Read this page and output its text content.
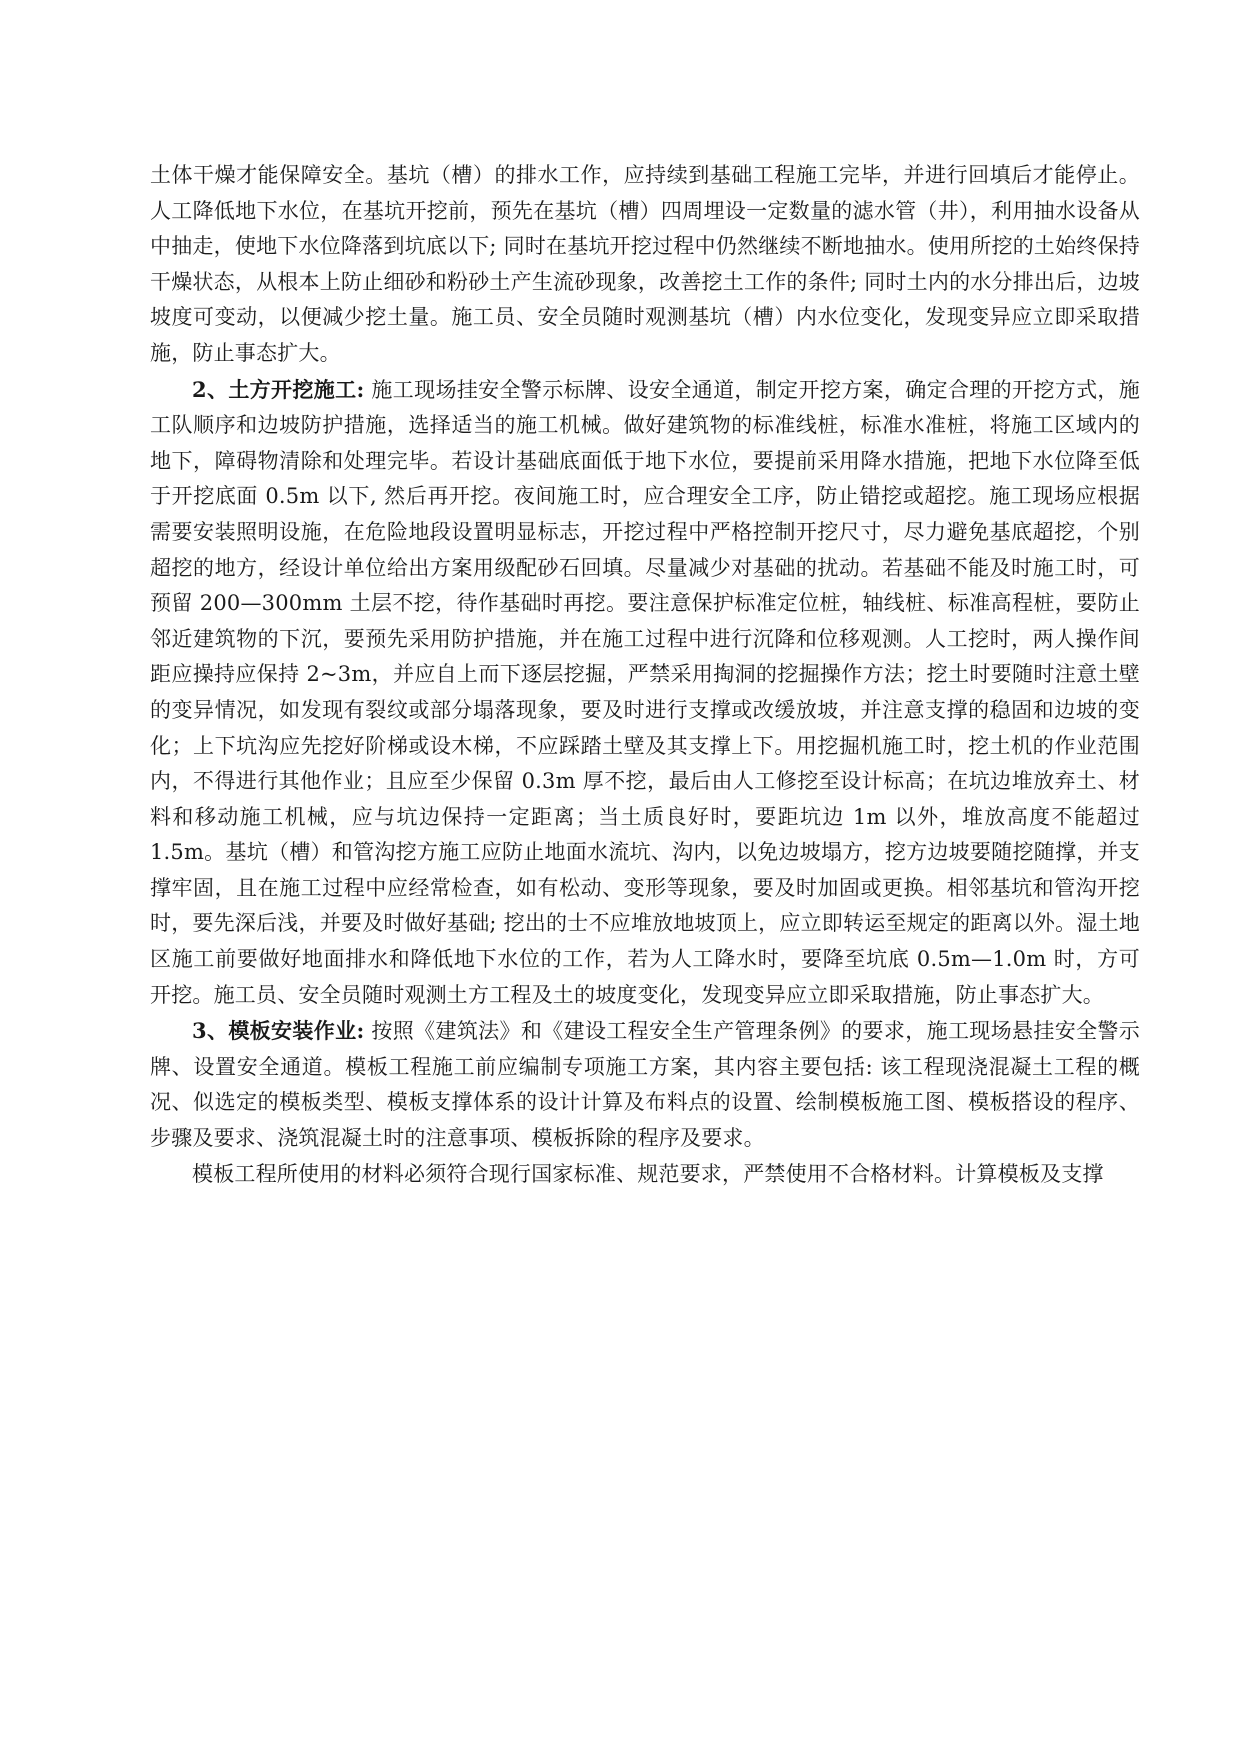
土体干燥才能保障安全。基坑（槽）的排水工作，应持续到基础工程施工完毕，并进行回填后才能停止。人工降低地下水位，在基坑开挖前，预先在基坑（槽）四周埋设一定数量的滤水管（井），利用抽水设备从中抽走，使地下水位降落到坑底以下; 同时在基坑开挖过程中仍然继续不断地抽水。使用所挖的土始终保持干燥状态，从根本上防止细砂和粉砂土产生流砂现象，改善挖土工作的条件; 同时土内的水分排出后，边坡坡度可变动，以便减少挖土量。施工员、安全员随时观测基坑（槽）内水位变化，发现变异应立即采取措施，防止事态扩大。

2、土方开挖施工: 施工现场挂安全警示标牌、设安全通道，制定开挖方案，确定合理的开挖方式，施工队顺序和边坡防护措施，选择适当的施工机械。做好建筑物的标准线桩，标准水准桩，将施工区域内的地下，障碍物清除和处理完毕。若设计基础底面低于地下水位，要提前采用降水措施，把地下水位降至低于开挖底面 0.5m 以下, 然后再开挖。夜间施工时，应合理安全工序，防止错挖或超挖。施工现场应根据需要安装照明设施，在危险地段设置明显标志，开挖过程中严格控制开挖尺寸，尽力避免基底超挖，个别超挖的地方，经设计单位给出方案用级配砂石回填。尽量减少对基础的扰动。若基础不能及时施工时，可预留 200—300mm 土层不挖，待作基础时再挖。要注意保护标准定位桩，轴线桩、标准高程桩，要防止邻近建筑物的下沉，要预先采用防护措施，并在施工过程中进行沉降和位移观测。人工挖时，两人操作间距应操持应保持 2~3m，并应自上而下逐层挖掘，严禁采用掏洞的挖掘操作方法；挖土时要随时注意土壁的变异情况，如发现有裂纹或部分塌落现象，要及时进行支撑或改缓放坡，并注意支撑的稳固和边坡的变化；上下坑沟应先挖好阶梯或设木梯，不应踩踏土壁及其支撑上下。用挖掘机施工时，挖土机的作业范围内，不得进行其他作业；且应至少保留 0.3m 厚不挖，最后由人工修挖至设计标高；在坑边堆放弃土、材料和移动施工机械，应与坑边保持一定距离；当土质良好时，要距坑边 1m 以外，堆放高度不能超过 1.5m。基坑（槽）和管沟挖方施工应防止地面水流坑、沟内，以免边坡塌方，挖方边坡要随挖随撑，并支撑牢固，且在施工过程中应经常检查，如有松动、变形等现象，要及时加固或更换。相邻基坑和管沟开挖时，要先深后浅，并要及时做好基础; 挖出的士不应堆放地坡顶上，应立即转运至规定的距离以外。湿土地区施工前要做好地面排水和降低地下水位的工作，若为人工降水时，要降至坑底 0.5m—1.0m 时，方可开挖。施工员、安全员随时观测土方工程及土的坡度变化，发现变异应立即采取措施，防止事态扩大。

3、模板安装作业: 按照《建筑法》和《建设工程安全生产管理条例》的要求，施工现场悬挂安全警示牌、设置安全通道。模板工程施工前应编制专项施工方案，其内容主要包括: 该工程现浇混凝土工程的概况、似选定的模板类型、模板支撑体系的设计计算及布料点的设置、绘制模板施工图、模板搭设的程序、步骤及要求、浇筑混凝土时的注意事项、模板拆除的程序及要求。

模板工程所使用的材料必须符合现行国家标准、规范要求，严禁使用不合格材料。计算模板及支撑
